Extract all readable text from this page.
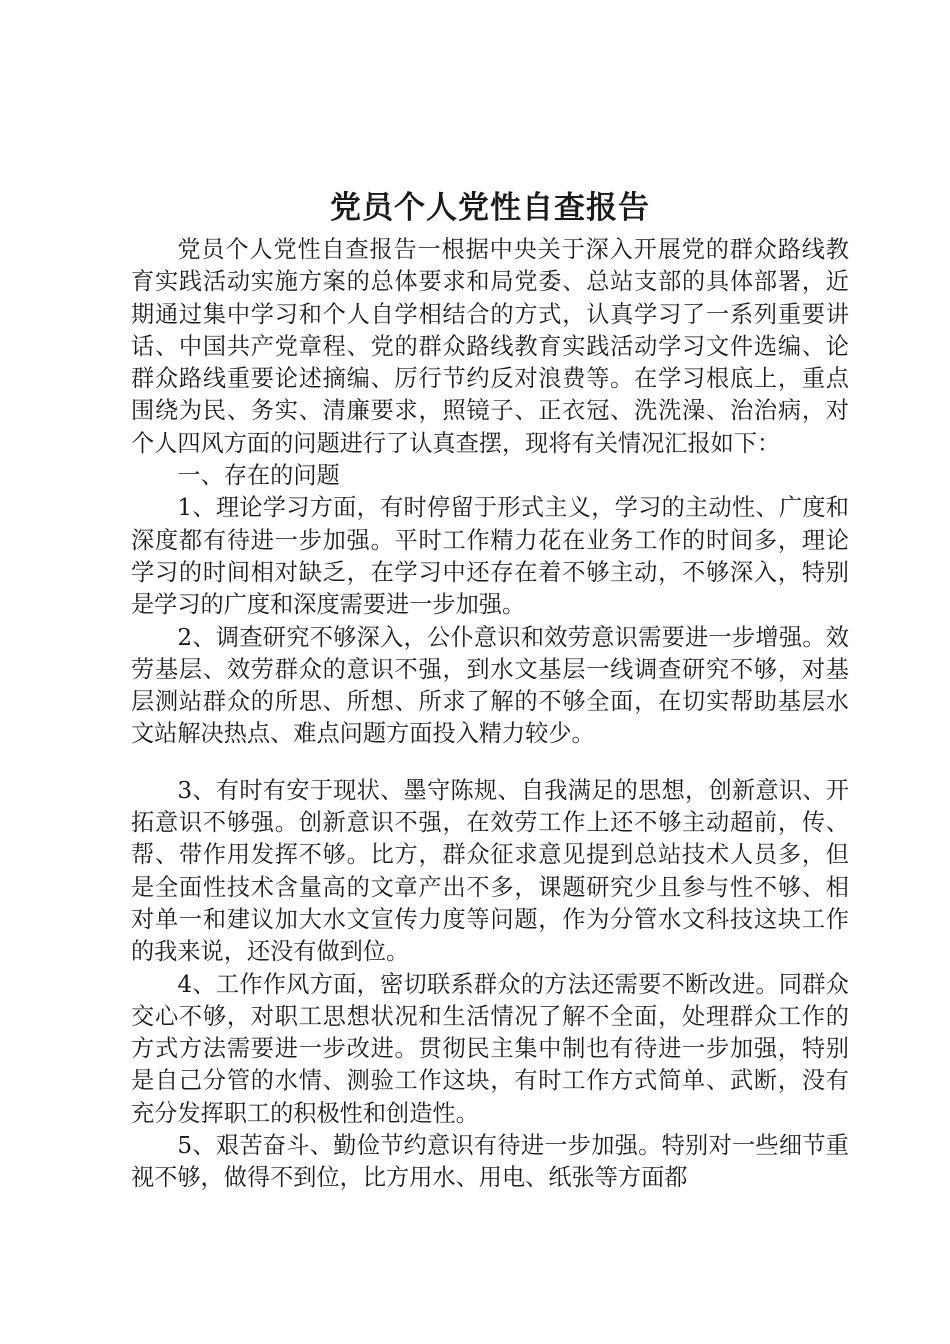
党员个人党性自查报告

党员个人党性自查报告一根据中央关于深入开展党的群众路线教育实践活动实施方案的总体要求和局党委、总站支部的具体部署，近期通过集中学习和个人自学相结合的方式，认真学习了一系列重要讲话、中国共产党章程、党的群众路线教育实践活动学习文件选编、论群众路线重要论述摘编、厉行节约反对浪费等。在学习根底上，重点围绕为民、务实、清廉要求，照镜子、正衣冠、洗洗澡、治治病，对个人四风方面的问题进行了认真查摆，现将有关情况汇报如下：

一、存在的问题

1、理论学习方面，有时停留于形式主义，学习的主动性、广度和深度都有待进一步加强。平时工作精力花在业务工作的时间多，理论学习的时间相对缺乏，在学习中还存在着不够主动，不够深入，特别是学习的广度和深度需要进一步加强。

2、调查研究不够深入，公仆意识和效劳意识需要进一步增强。效劳基层、效劳群众的意识不强，到水文基层一线调查研究不够，对基层测站群众的所思、所想、所求了解的不够全面，在切实帮助基层水文站解决热点、难点问题方面投入精力较少。

3、有时有安于现状、墨守陈规、自我满足的思想，创新意识、开拓意识不够强。创新意识不强，在效劳工作上还不够主动超前，传、帮、带作用发挥不够。比方，群众征求意见提到总站技术人员多，但是全面性技术含量高的文章产出不多，课题研究少且参与性不够、相对单一和建议加大水文宣传力度等问题，作为分管水文科技这块工作的我来说，还没有做到位。

4、工作作风方面，密切联系群众的方法还需要不断改进。同群众交心不够，对职工思想状况和生活情况了解不全面，处理群众工作的方式方法需要进一步改进。贯彻民主集中制也有待进一步加强，特别是自己分管的水情、测验工作这块，有时工作方式简单、武断，没有充分发挥职工的积极性和创造性。

5、艰苦奋斗、勤俭节约意识有待进一步加强。特别对一些细节重视不够，做得不到位，比方用水、用电、纸张等方面都
